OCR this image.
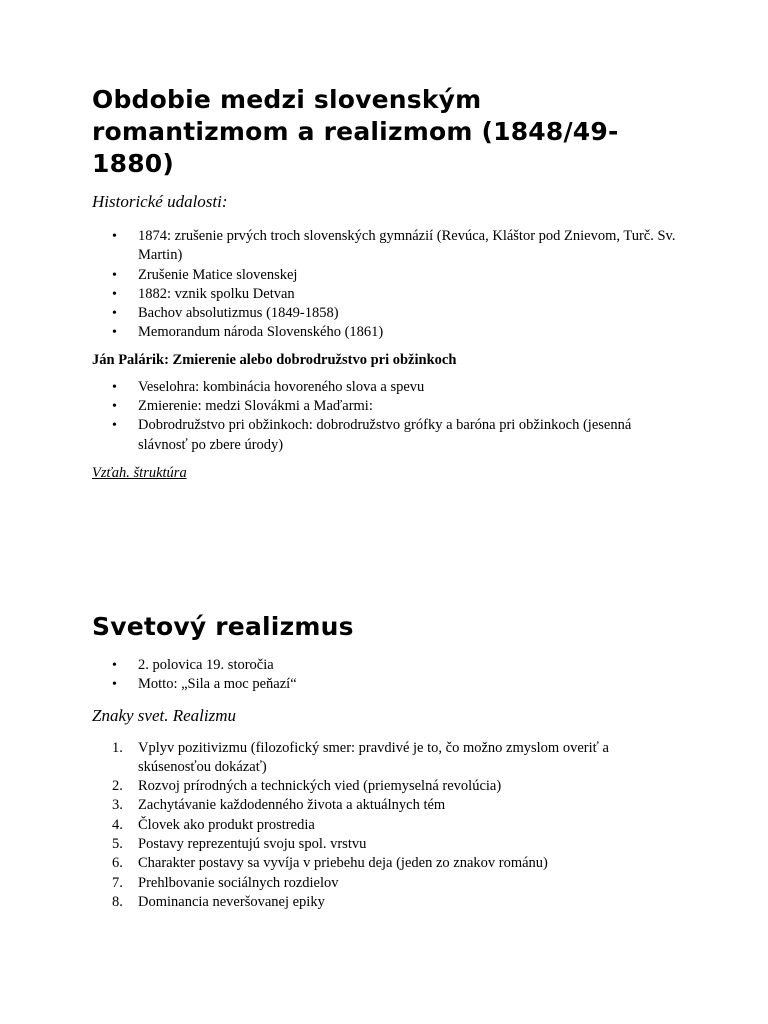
Obdobie medzi slovenským romantizmom a realizmom (1848/49-1880)

Historické udalosti:

• 1874: zrušenie prvých troch slovenských gymnázií (Revúca, Kláštor pod Znievom, Turč. Sv. Martin)
• Zrušenie Matice slovenskej
• 1882: vznik spolku Detvan
• Bachov absolutizmus (1849-1858)
• Memorandum národa Slovenského (1861)

Ján Palárik: Zmierenie alebo dobrodružstvo pri obžinkoch

• Veselohra: kombinácia hovoreného slova a spevu
• Zmierenie: medzi Slovákmi a Maďarmi:
• Dobrodružstvo pri obžinkoch: dobrodružstvo grófky a baróna pri obžinkoch (jesenná slávnosť po zbere úrody)

Vzťah. štruktúra

Svetový realizmus
• 2. polovica 19. storočia
• Motto: „Sila a moc peňazí“

Znaky svet. Realizmu

1. Vplyv pozitivizmu (filozofický smer: pravdivé je to, čo možno zmyslom overiť a skúsenosťou dokázať)
2. Rozvoj prírodných a technických vied (priemyselná revolúcia)
3. Zachytávanie každodenného života a aktuálnych tém
4. Človek ako produkt prostredia
5. Postavy reprezentujú svoju spol. vrstvu
6. Charakter postavy sa vyvíja v priebehu deja (jeden zo znakov románu)
7. Prehlbovanie sociálnych rozdielov
8. Dominancia neveršovanej epiky
